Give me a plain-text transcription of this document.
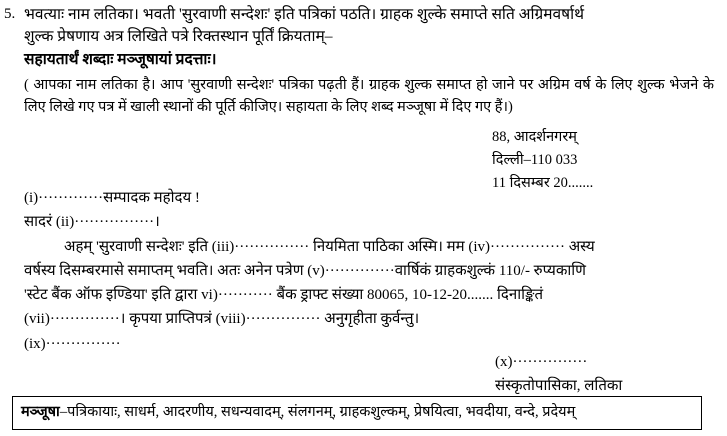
5. भवत्याः नाम लतिका। भवती 'सुरवाणी सन्देशः' इति पत्रिकां पठति। ग्राहक शुल्के समाप्ते सति अग्रिमवर्षार्थ
शुल्क प्रेषणाय अत्र लिखिते पत्रे रिक्तस्थान पूर्तिं क्रियताम्‌–
सहायतार्थं शब्दाः मञ्जूषायां प्रदत्ताः।
( आपका नाम लतिका है। आप 'सुरवाणी सन्देशः' पत्रिका पढ़ती हैं। ग्राहक शुल्क समाप्त हो जाने पर अग्रिम वर्ष के लिए शुल्क भेजने के लिए लिखे गए पत्र में खाली स्थानों की पूर्ति कीजिए। सहायता के लिए शब्द मञ्जूषा में दिए गए हैं।)
88, आदर्शनगरम्‌
दिल्ली–110 033
11 दिसम्बर 20.......
(i)·············सम्पादक महोदय !
सादरं (ii)················।
अहम्‌ 'सुरवाणी सन्देशः' इति (iii)··············· नियमिता पाठिका अस्मि। मम (iv)··············· अस्य
वर्षस्य दिसम्बरमासे समाप्तम्‌ भवति। अतः अनेन पत्रेण (v)··············वार्षिकं ग्राहकशुल्कं 110/- रुप्यकाणि
'स्टेट बैंक ऑफ इण्डिया' इति द्वारा vi)··········· बैंक ड्राफ्ट संख्या 80065, 10-12-20....... दिनाङ्कितं
(vii)··············। कृपया प्राप्तिपत्रं (viii)··············· अनुगृहीता कुर्वन्तु।
(ix)···············
(x)···············
संस्कृतोपासिका, लतिका
मञ्जूषा–पत्रिकायाः, साधर्म, आदरणीय, सधन्यवादम्‌, संलगनम्‌, ग्राहकशुल्कम्‌, प्रेषयित्वा, भवदीया, वन्दे, प्रदेयम्‌
